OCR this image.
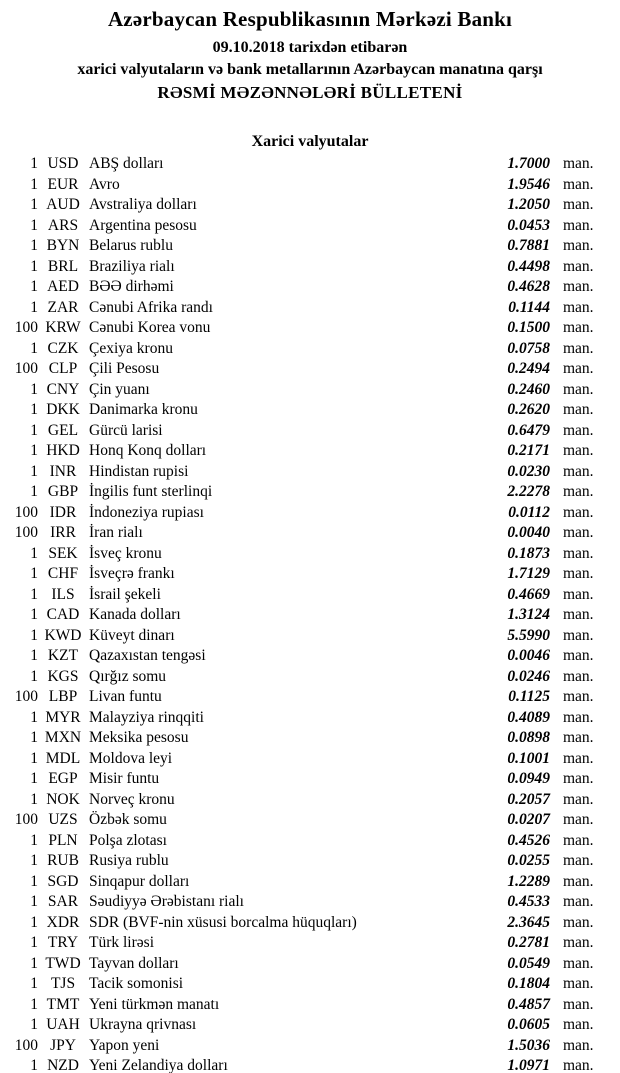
Azərbaycan Respublikasının Mərkəzi Bankı
09.10.2018 tarixdən etibarən
xarici valyutaların və bank metallarının Azərbaycan manatına qarşı
RƏSMİ MƏZƏNNƏLƏRİ BÜLLETENİ
Xarici valyutalar
1 USD ABŞ dolları	1.7000 man.
1 EUR Avro	1.9546 man.
1 AUD Avstraliya dolları	1.2050 man.
1 ARS Argentina pesosu	0.0453 man.
1 BYN Belarus rublu	0.7881 man.
1 BRL Braziliya rialı	0.4498 man.
1 AED BƏƏ dirhəmi	0.4628 man.
1 ZAR Cənubi Afrika randı	0.1144 man.
100 KRW Cənubi Korea vonu	0.1500 man.
1 CZK Çexiya kronu	0.0758 man.
100 CLP Çili Pesosu	0.2494 man.
1 CNY Çin yuanı	0.2460 man.
1 DKK Danimarka kronu	0.2620 man.
1 GEL Gürcü larisi	0.6479 man.
1 HKD Honq Konq dolları	0.2171 man.
1 INR Hindistan rupisi	0.0230 man.
1 GBP İngilis funt sterlinqi	2.2278 man.
100 IDR İndoneziya rupiası	0.0112 man.
100 IRR İran rialı	0.0040 man.
1 SEK İsveç kronu	0.1873 man.
1 CHF İsveçrə frankı	1.7129 man.
1 ILS İsrail şekeli	0.4669 man.
1 CAD Kanada dolları	1.3124 man.
1 KWD Küveyt dinarı	5.5990 man.
1 KZT Qazaxıstan tengəsi	0.0046 man.
1 KGS Qırğız somu	0.0246 man.
100 LBP Livan funtu	0.1125 man.
1 MYR Malayziya rinqqiti	0.4089 man.
1 MXN Meksika pesosu	0.0898 man.
1 MDL Moldova leyi	0.1001 man.
1 EGP Misir funtu	0.0949 man.
1 NOK Norveç kronu	0.2057 man.
100 UZS Özbək somu	0.0207 man.
1 PLN Polşa zlotası	0.4526 man.
1 RUB Rusiya rublu	0.0255 man.
1 SGD Sinqapur dolları	1.2289 man.
1 SAR Səudiyyə Ərəbistanı rialı	0.4533 man.
1 XDR SDR (BVF-nin xüsusi borcalma hüquqları)	2.3645 man.
1 TRY Türk lirəsi	0.2781 man.
1 TWD Tayvan dolları	0.0549 man.
1 TJS Tacik somonisi	0.1804 man.
1 TMT Yeni türkmən manatı	0.4857 man.
1 UAH Ukrayna qrivnası	0.0605 man.
100 JPY Yapon yeni	1.5036 man.
1 NZD Yeni Zelandiya dolları	1.0971 man.
